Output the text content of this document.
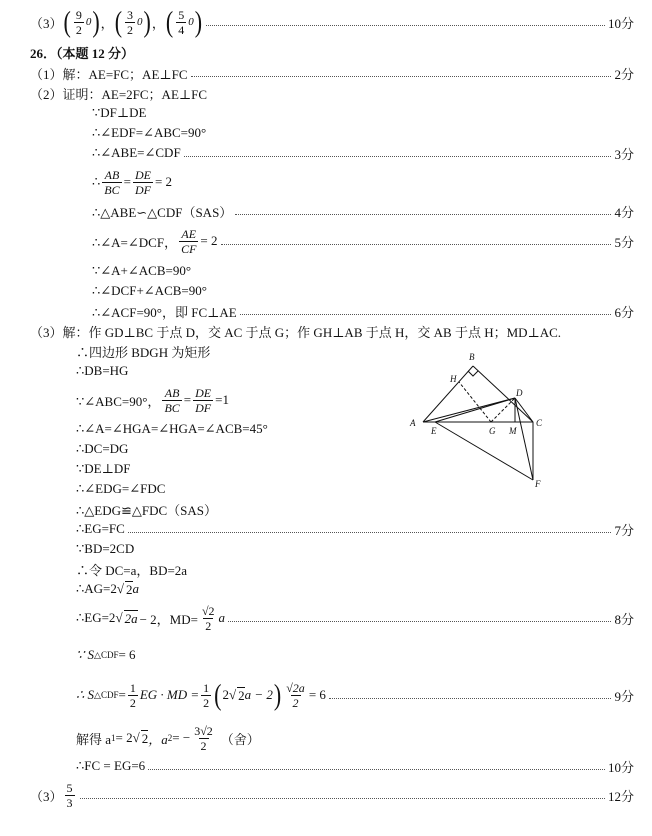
（3） ( $\frac{9}{2} 0$ ) ， ( $\frac{3}{2} 0$ ) ， ( $\frac{5}{4} 0$ )	10分
26．（本题 12 分）
（1）解：AE=FC；AE⊥FC	2分
（2）证明：AE=2FC；AE⊥FC
∵DF⊥DE
∴∠EDF=∠ABC=90°
∴∠ABE=∠CDF	3分
∴ $\frac{AB}{BC} = \frac{DE}{DF} = 2$
∴△ABE∽△CDF（SAS）	4分
∴∠A=∠DCF， $\frac{AE}{CF} = 2$	5分
∵∠A+∠ACB=90°
∴∠DCF+∠ACB=90°
∴∠ACF=90°，即 FC⊥AE	6分
（3）解：作 GD⊥BC 于点 D，交 AC 于点 G；作 GH⊥AB 于点 H，交 AB 于点 H；MD⊥AC.
∴四边形 BDGH 为矩形
∴DB=HG
∵∠ABC=90°， $\frac{AB}{BC} = \frac{DE}{DF} =1$
∴∠A=∠HGA=∠HGA=∠ACB=45°
∴DC=DG
∵DE⊥DF
∴∠EDG=∠FDC
∴△EDG≌△FDC（SAS）
∴EG=FC	7分
∵BD=2CD
∴令 DC=a，BD=2a
∴AG=2 √ 2 a
∴EG=2 √ 2a − 2，$MD= \frac{√2}{2}$ a	8分
∵ S △CDF = 6
∴ S △CDF = $\frac{1}{2}$ EG · MD = $\frac{1}{2}$ ( 2 √ 2 a − 2 ) $\frac{√2a}{2} = 6$	9分
解得 a 1 = 2 √ 2 ，a 2 = − $\frac{3√2}{2}$ （舍）
∴FC = EG=6	10分
$(3) \frac{5}{3}$	12分
A
B
C
D
E
F
G
H
M
